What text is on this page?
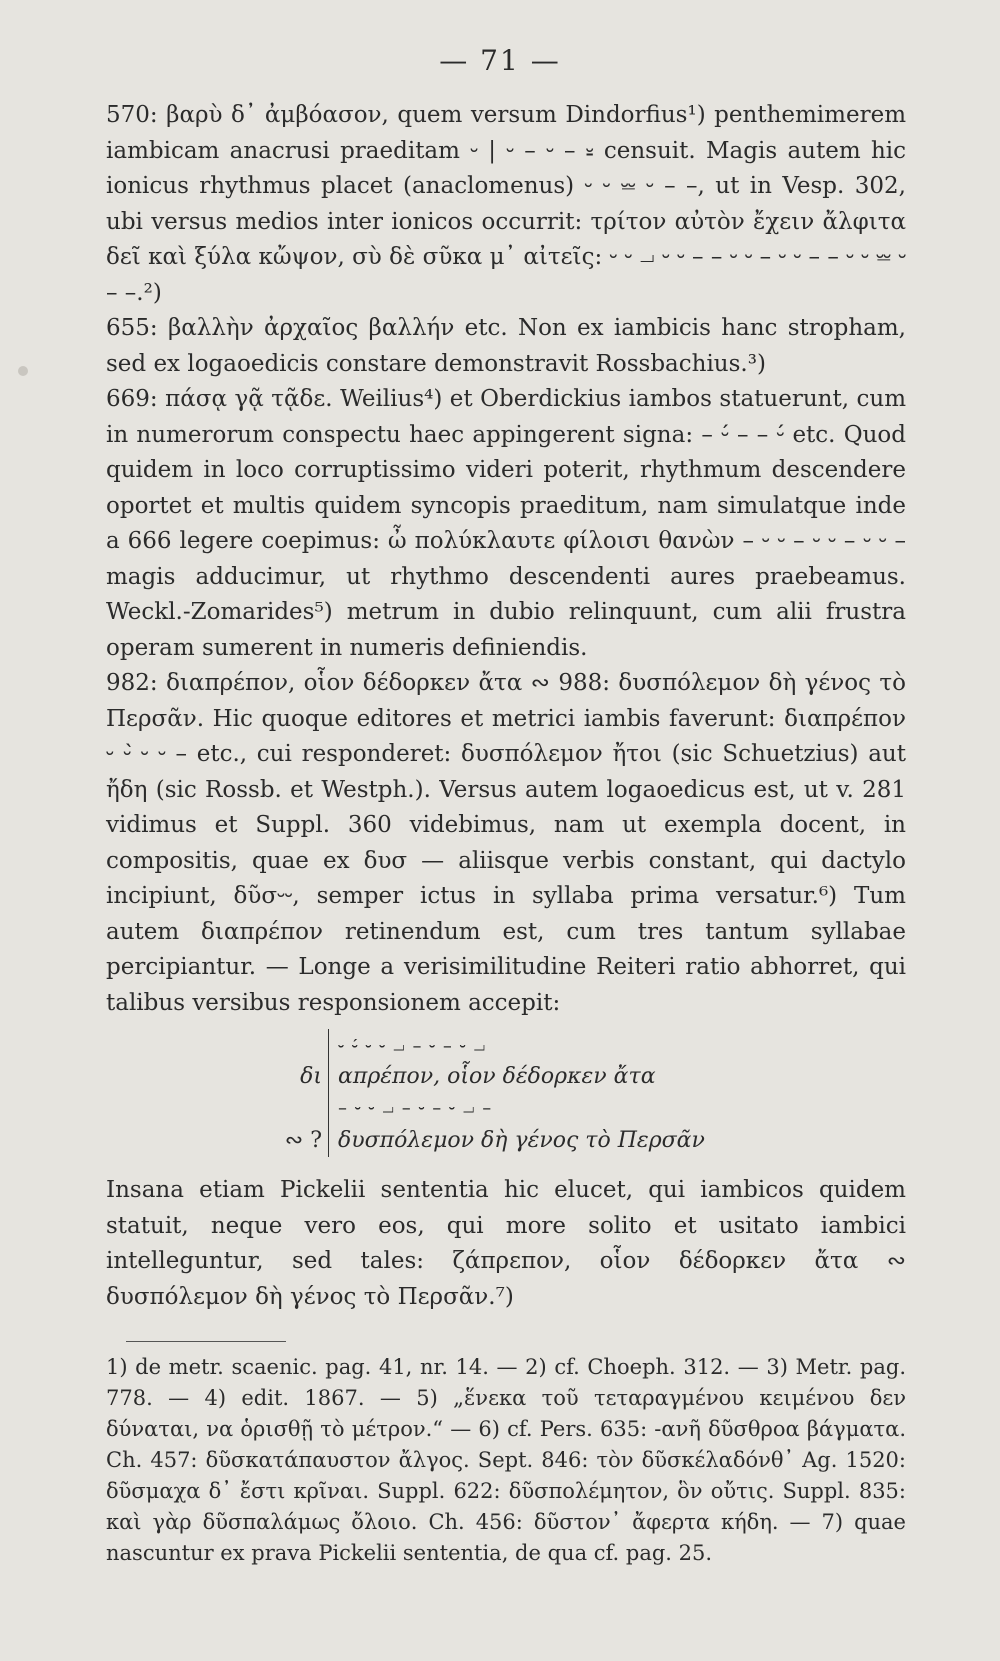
— 71 —

570: βαρὺ δ᾽ ἀμβόασον, quem versum Dindorfius¹) penthemimerem iambicam anacrusi praeditam ⏑ | ⏑ – ⏑ – ⏓ censuit. Magis autem hic ionicus rhythmus placet (anaclomenus) ⏑ ⏑ ⏕ ⏑ – –, ut in Vesp. 302, ubi versus medios inter ionicos occurrit: τρίτον αὐτὸν ἔχειν ἄλφιτα δεῖ καὶ ξύλα κὤψον, σὺ δὲ σῦκα μ᾽ αἰτεῖς: ⏑ ⏑ ⏗ ⏑ ⏑ – – ⏑ ⏑ – ⏑ ⏑ – – ⏑ ⏑ ⏕ ⏑ – –.²)

655: βαλλὴν ἀρχαῖος βαλλήν etc. Non ex iambicis hanc stropham, sed ex logaoedicis constare demonstravit Rossbachius.³)

669: πάσᾳ γᾷ τᾷδε. Weilius⁴) et Oberdickius iambos statuerunt, cum in numerorum conspectu haec appingerent signa: – ⏑́ – – ⏑́ etc. Quod quidem in loco corruptissimo videri poterit, rhythmum descendere oportet et multis quidem syncopis praeditum, nam simulatque inde a 666 legere coepimus: ὦ πολύκλαυτε φίλοισι θανὼν – ⏑ ⏑ – ⏑ ⏑ – ⏑ ⏑ – magis adducimur, ut rhythmo descendenti aures praebeamus. Weckl.-Zomarides⁵) metrum in dubio relinquunt, cum alii frustra operam sumerent in numeris definiendis.

982: διαπρέπον, οἷον δέδορκεν ἄτα ∾ 988: δυσπόλεμον δὴ γένος τὸ Περσᾶν. Hic quoque editores et metrici iambis faverunt: διαπρέπον ⏑ ⏑́ ⏑ ⏑ – etc., cui responderet: δυσπόλεμον ἤτοι (sic Schuetzius) aut ἤδη (sic Rossb. et Westph.). Versus autem logaoedicus est, ut v. 281 vidimus et Suppl. 360 videbimus, nam ut exempla docent, in compositis, quae ex δυσ — aliisque verbis constant, qui dactylo incipiunt, δῦσ⏑⏑, semper ictus in syllaba prima versatur.⁶) Tum autem διαπρέπον retinendum est, cum tres tantum syllabae percipiantur. — Longe a verisimilitudine Reiteri ratio abhorret, qui talibus versibus responsionem accepit:

⏑ ⏑́ ⏑ ⏑ ⏗ – ⏑ – ⏑ ⏗
δι απρέπον, οἷον δέδορκεν ἄτα
– ⏑ ⏑ ⏗ – ⏑ – ⏑ ⏗ –
∾ ? δυσπόλεμον δὴ γένος τὸ Περσᾶν

Insana etiam Pickelii sententia hic elucet, qui iambicos quidem statuit, neque vero eos, qui more solito et usitato iambici intelleguntur, sed tales: ζάπρεπον, οἷον δέδορκεν ἄτα ∾ δυσπόλεμον δὴ γένος τὸ Περσᾶν.⁷)

1) de metr. scaenic. pag. 41, nr. 14. — 2) cf. Choeph. 312. — 3) Metr. pag. 778. — 4) edit. 1867. — 5) „ἕνεκα τοῦ τεταραγμένου κειμένου δεν δύναται, να ὁρισθῇ τὸ μέτρον.“ — 6) cf. Pers. 635: -ανῆ δῦσθροα βάγματα. Ch. 457: δῦσκατάπαυστον ἄλγος. Sept. 846: τὸν δῦσκέλαδόνθ᾽ Ag. 1520: δῦσμαχα δ᾽ ἔστι κρῖναι. Suppl. 622: δῦσπολέμητον, ὃν οὔτις. Suppl. 835: καὶ γὰρ δῦσπαλάμως ὄλοιο. Ch. 456: δῦστον᾽ ἄφερτα κήδη. — 7) quae nascuntur ex prava Pickelii sententia, de qua cf. pag. 25.
